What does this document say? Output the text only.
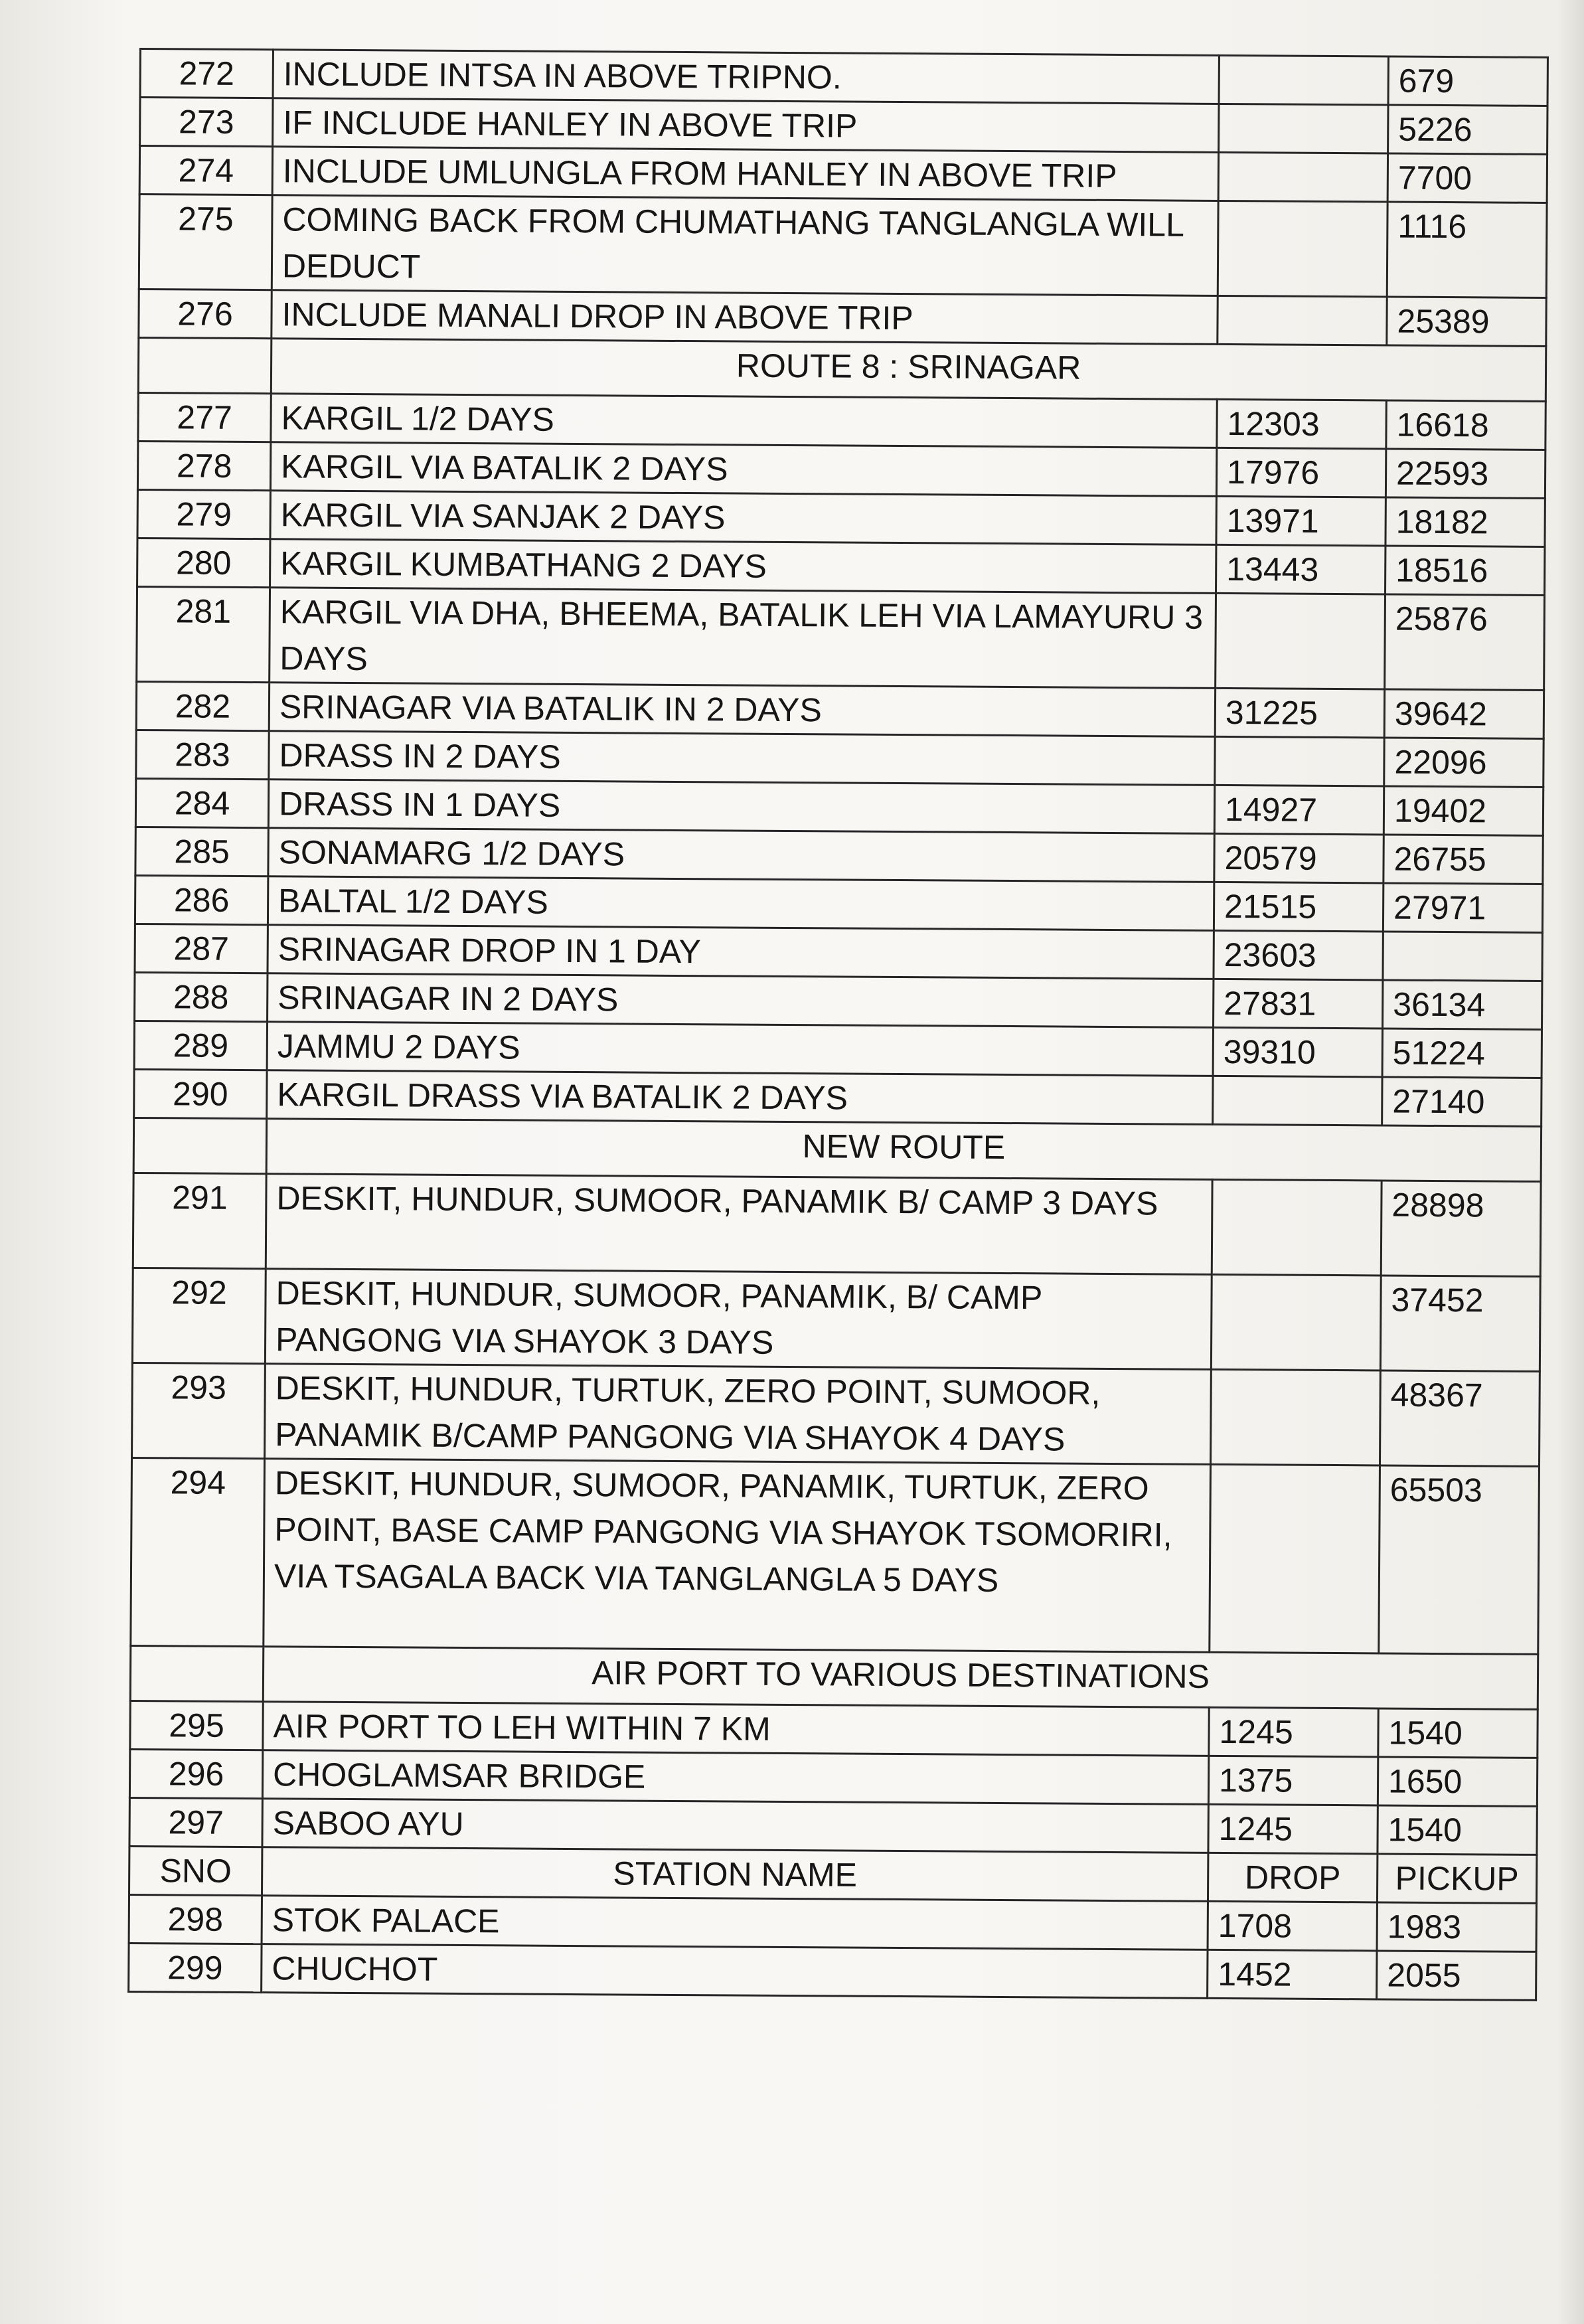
272	INCLUDE INTSA IN ABOVE TRIPNO.		679
273	IF INCLUDE HANLEY IN ABOVE TRIP		5226
274	INCLUDE UMLUNGLA FROM HANLEY IN ABOVE TRIP		7700
275	COMING BACK FROM CHUMATHANG TANGLANGLA WILL DEDUCT		1116
276	INCLUDE MANALI DROP IN ABOVE TRIP		25389
	ROUTE 8 : SRINAGAR		
277	KARGIL 1/2 DAYS	12303	16618
278	KARGIL VIA BATALIK 2 DAYS	17976	22593
279	KARGIL VIA SANJAK 2 DAYS	13971	18182
280	KARGIL KUMBATHANG 2 DAYS	13443	18516
281	KARGIL VIA DHA, BHEEMA, BATALIK LEH VIA LAMAYURU 3 DAYS		25876
282	SRINAGAR VIA BATALIK IN 2 DAYS	31225	39642
283	DRASS IN 2 DAYS		22096
284	DRASS IN 1 DAYS	14927	19402
285	SONAMARG 1/2 DAYS	20579	26755
286	BALTAL 1/2 DAYS	21515	27971
287	SRINAGAR DROP IN 1 DAY	23603	
288	SRINAGAR IN 2 DAYS	27831	36134
289	JAMMU 2 DAYS	39310	51224
290	KARGIL DRASS VIA BATALIK 2 DAYS		27140
	NEW ROUTE		
291	DESKIT, HUNDUR, SUMOOR, PANAMIK B/ CAMP 3 DAYS		28898
292	DESKIT, HUNDUR, SUMOOR, PANAMIK, B/ CAMP PANGONG VIA SHAYOK 3 DAYS		37452
293	DESKIT, HUNDUR, TURTUK, ZERO POINT, SUMOOR, PANAMIK B/CAMP PANGONG VIA SHAYOK 4 DAYS		48367
294	DESKIT, HUNDUR, SUMOOR, PANAMIK, TURTUK, ZERO POINT, BASE CAMP PANGONG VIA SHAYOK TSOMORIRI, VIA TSAGALA BACK VIA TANGLANGLA 5 DAYS		65503
	AIR PORT TO VARIOUS DESTINATIONS		
295	AIR PORT TO LEH WITHIN 7 KM	1245	1540
296	CHOGLAMSAR BRIDGE	1375	1650
297	SABOO AYU	1245	1540
SNO	STATION NAME	DROP	PICKUP
298	STOK PALACE	1708	1983
299	CHUCHOT	1452	2055
